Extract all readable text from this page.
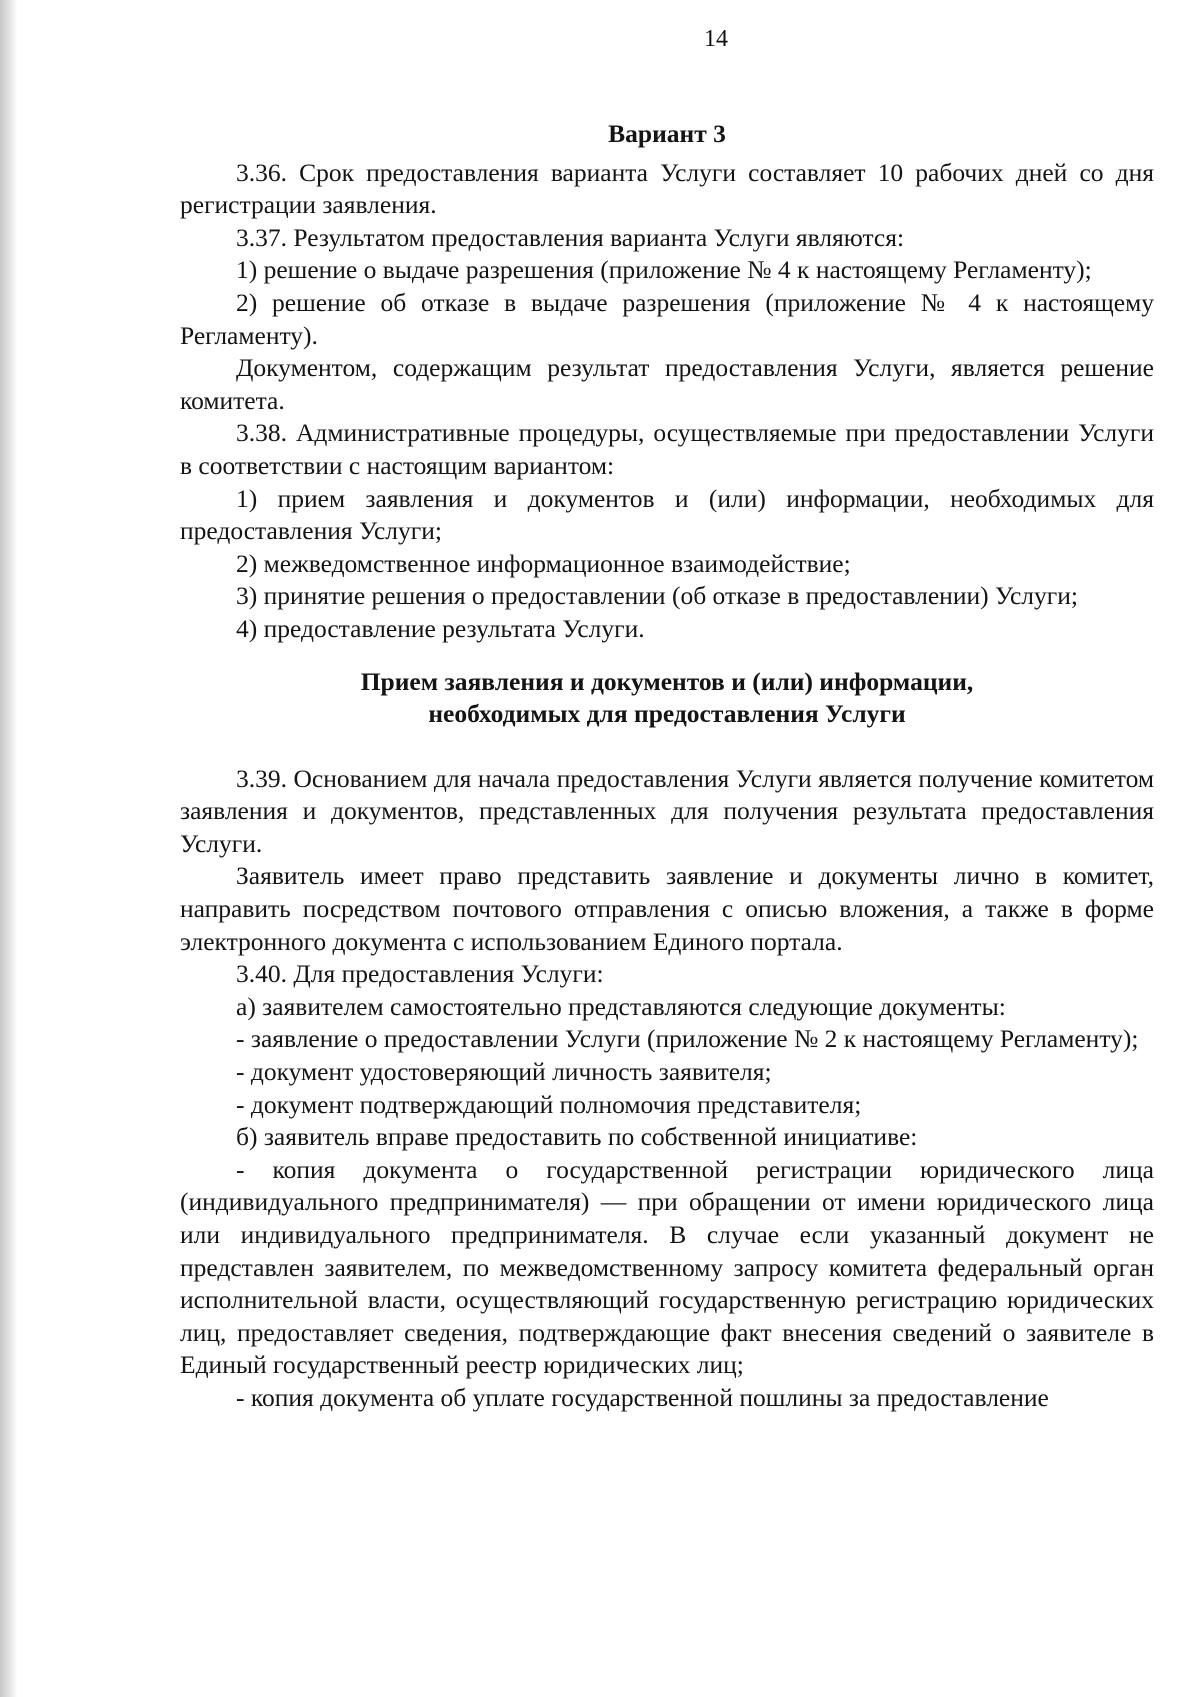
14

Вариант 3

3.36. Срок предоставления варианта Услуги составляет 10 рабочих дней со дня регистрации заявления.

3.37. Результатом предоставления варианта Услуги являются:

1) решение о выдаче разрешения (приложение № 4 к настоящему Регламенту);

2) решение об отказе в выдаче разрешения (приложение № 4 к настоящему Регламенту).

Документом, содержащим результат предоставления Услуги, является решение комитета.

3.38. Административные процедуры, осуществляемые при предоставлении Услуги в соответствии с настоящим вариантом:

1) прием заявления и документов и (или) информации, необходимых для предоставления Услуги;

2) межведомственное информационное взаимодействие;

3) принятие решения о предоставлении (об отказе в предоставлении) Услуги;

4) предоставление результата Услуги.

Прием заявления и документов и (или) информации,
необходимых для предоставления Услуги

3.39. Основанием для начала предоставления Услуги является получение комитетом заявления и документов, представленных для получения результата предоставления Услуги.

Заявитель имеет право представить заявление и документы лично в комитет, направить посредством почтового отправления с описью вложения, а также в форме электронного документа с использованием Единого портала.

3.40. Для предоставления Услуги:

а) заявителем самостоятельно представляются следующие документы:

- заявление о предоставлении Услуги (приложение № 2 к настоящему Регламенту);

- документ удостоверяющий личность заявителя;

- документ подтверждающий полномочия представителя;

б) заявитель вправе предоставить по собственной инициативе:

- копия документа о государственной регистрации юридического лица (индивидуального предпринимателя) — при обращении от имени юридического лица или индивидуального предпринимателя. В случае если указанный документ не представлен заявителем, по межведомственному запросу комитета федеральный орган исполнительной власти, осуществляющий государственную регистрацию юридических лиц, предоставляет сведения, подтверждающие факт внесения сведений о заявителе в Единый государственный реестр юридических лиц;

- копия документа об уплате государственной пошлины за предоставление
